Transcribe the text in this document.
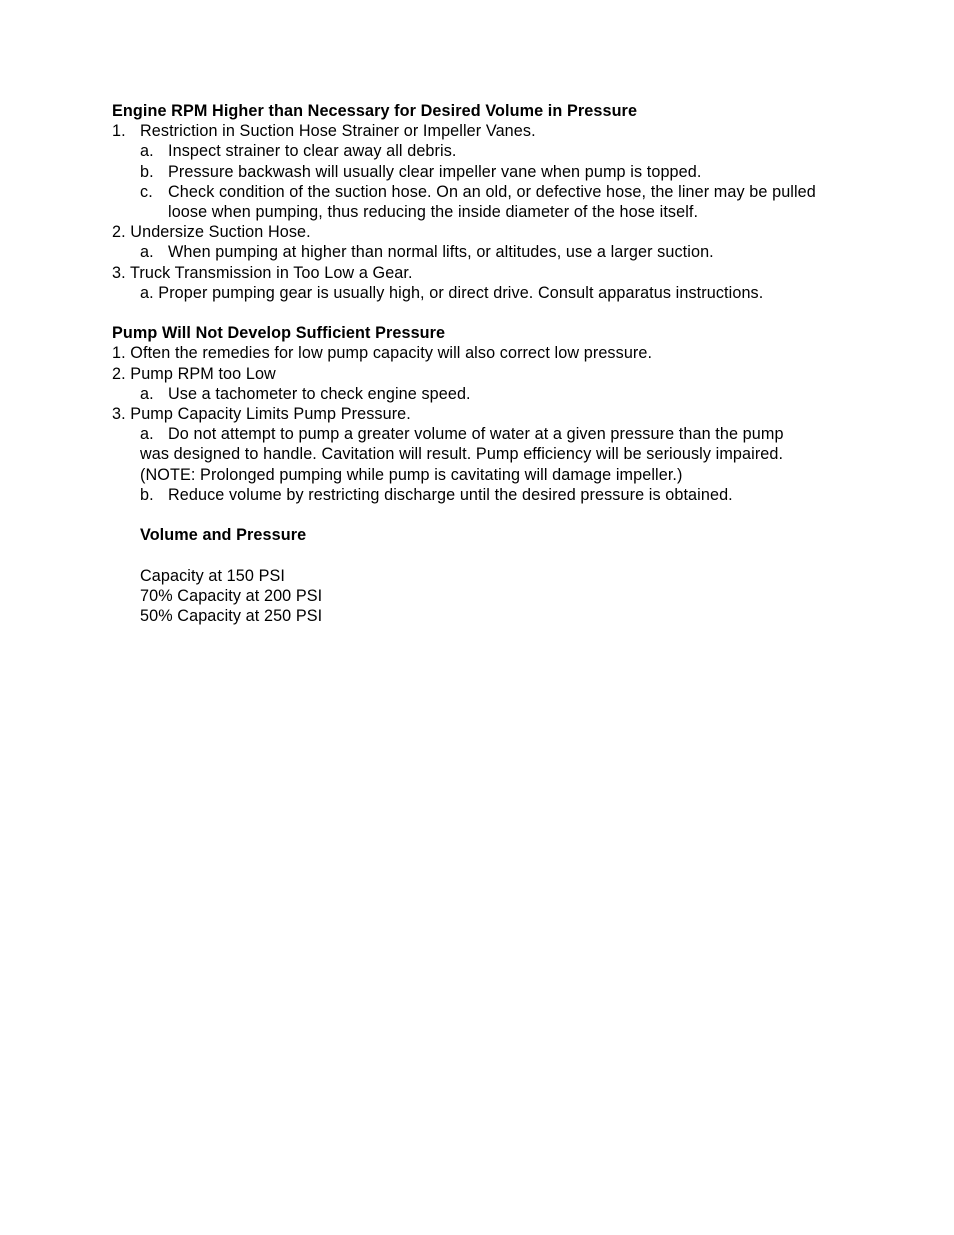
Engine RPM Higher than Necessary for Desired Volume in Pressure
1. Restriction in Suction Hose Strainer or Impeller Vanes.
a. Inspect strainer to clear away all debris.
b. Pressure backwash will usually clear impeller vane when pump is topped.
c. Check condition of the suction hose. On an old, or defective hose, the liner may be pulled loose when pumping, thus reducing the inside diameter of the hose itself.
2. Undersize Suction Hose.
a. When pumping at higher than normal lifts, or altitudes, use a larger suction.
3. Truck Transmission in Too Low a Gear.
a. Proper pumping gear is usually high, or direct drive. Consult apparatus instructions.
Pump Will Not Develop Sufficient Pressure
1. Often the remedies for low pump capacity will also correct low pressure.
2. Pump RPM too Low
a. Use a tachometer to check engine speed.
3. Pump Capacity Limits Pump Pressure.
a. Do not attempt to pump a greater volume of water at a given pressure than the pump
was designed to handle. Cavitation will result. Pump efficiency will be seriously impaired.
(NOTE: Prolonged pumping while pump is cavitating will damage impeller.)
b. Reduce volume by restricting discharge until the desired pressure is obtained.
Volume and Pressure
Capacity at 150 PSI
70% Capacity at 200 PSI
50% Capacity at 250 PSI
